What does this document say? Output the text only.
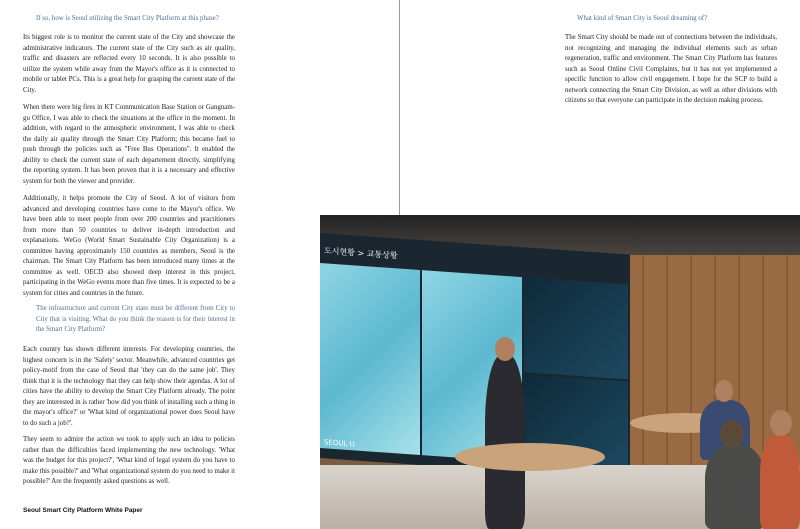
If so, how is Seoul utilizing the Smart City Platform at this phase?

Its biggest role is to monitor the current state of the City and showcase the administrative indicators. The current state of the City such as air quality, traffic and disasters are reflected every 10 seconds. It is also possible to utilize the system while away from the Mayor's office as it is connected to mobile or tablet PCs. This is a great help for grasping the current state of the City.

When there were big fires in KT Communication Base Station or Gangnam-gu Office, I was able to check the situations at the office in the moment. In addition, with regard to the atmospheric environment, I was able to check the daily air quality through the Smart City Platform; this became fuel to push through the policies such as "Free Bus Operations". It enabled the ability to check the current state of each departement directly, simplifying the reporting system. It has been proven that it is a necessary and effective system for both the viewer and provider.

Additionally, it helps promote the City of Seoul. A lot of visitors from advanced and developing countries have come to the Mayor's office. We have been able to meet people from over 200 countries and practitioners from more than 50 countries to deliver in-depth introduction and explanations. WeGo (World Smart Sustainable City Organization) is a committee having approximately 150 countries as members, Seoul is the chairman. The Smart City Platform has been introduced many times at the committee as well. OECD also showed deep interest in this project, participating in the WeGo events more than five times. It is expected to be a system for cities and countries in the future.

The infrastructure and current City state must be different from City to City that is visiting. What do you think the reason is for their interest in the Smart City Platform?

Each country has shown different interests. For developing countries, the highest concern is in the 'Safety' sector. Meanwhile, advanced countries get policy-motif from the case of Seoul that 'they can do the same job'. They think that it is the technology that they can help show their agendas. A lot of cities have the ability to develop the Smart City Platform already. The point they are interested in is rather 'how did you think of installing such a thing in the mayor's office?' or 'What kind of organizational power does Seoul have to do such a job?'.

They seem to admire the action we took to apply such an idea to policies rather than the difficulties faced implementing the new technology. 'What was the budget for this project?', 'What kind of legal system do you have to make this possible?' and 'What organizational system do you need to make it possible?' Are the frequently asked questions as well.

Seoul Smart City Platform White Paper
What kind of Smart City is Seoul dreaming of?

The Smart City should be made out of connections between the individuals, not recognizing and managing the individual elements such as urban regeneration, traffic and environment. The Smart City Platform has features such as Seoul Online Civil Complaints, but it has not yet implemented a specific function to allow civil engagement. I hope for the SCP to build a network connecting the Smart City Division, as well as other divisions with citizens so that everyone can participate in the decision making process.

도시현황 > 교통상황
SEOUL·U
